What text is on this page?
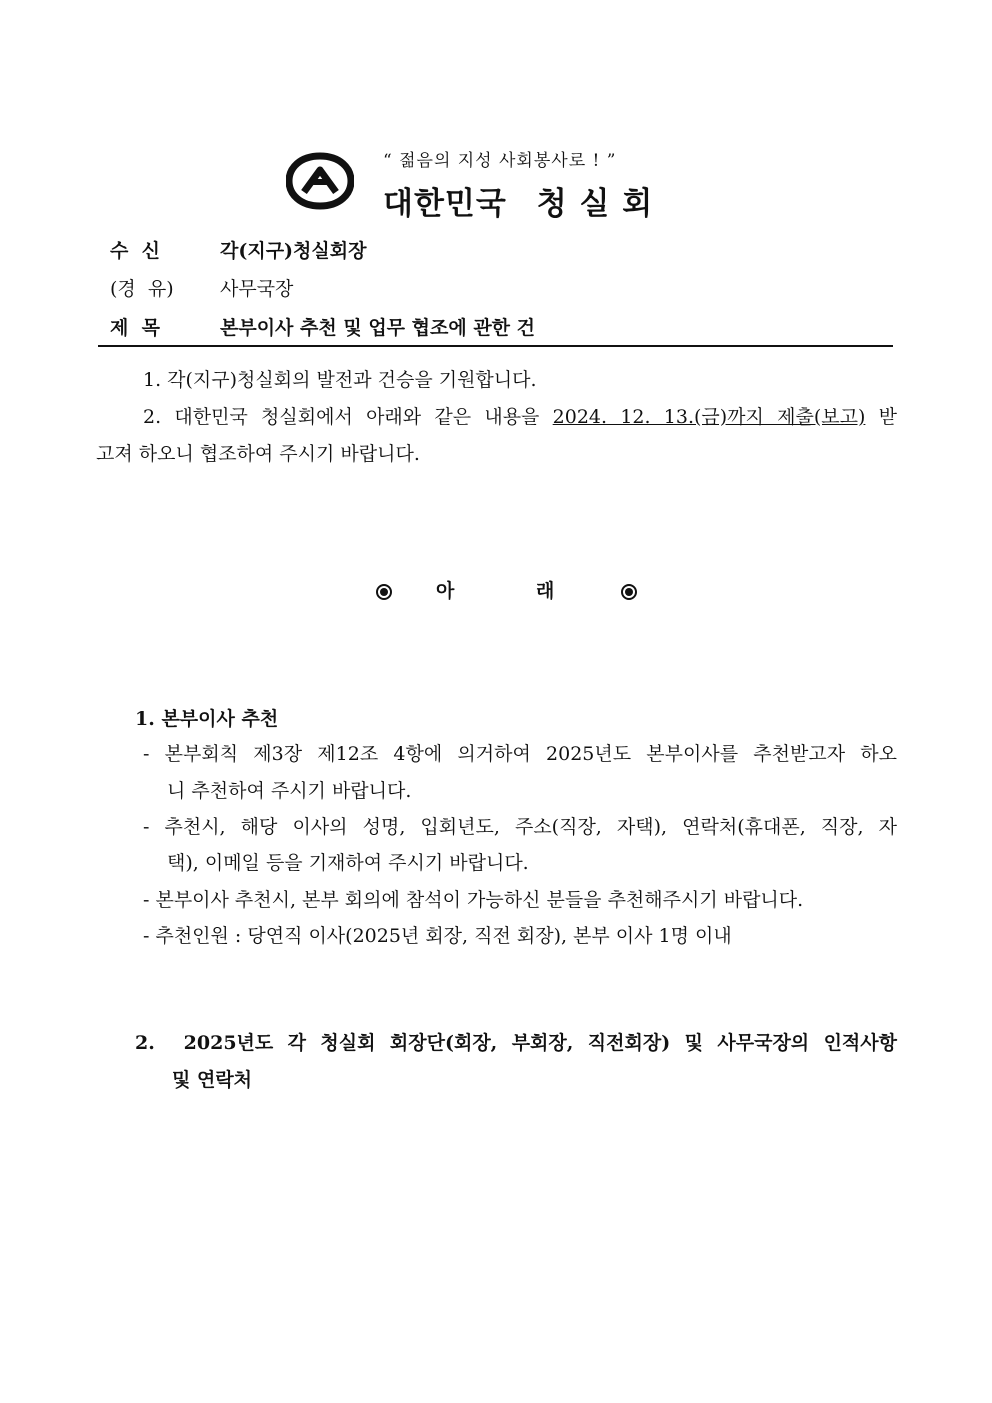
“ 젊음의 지성 사회봉사로 ! ”
대한민국 청 실 회
수  신	각(지구)청실회장
(경  유) 사무국장
제  목	본부이사 추천 및 업무 협조에 관한 건
1. 각(지구)청실회의 발전과 건승을 기원합니다.
2. 대한민국 청실회에서 아래와 같은 내용을 2024. 12. 13.(금)까지 제출(보고) 받
고져 하오니 협조하여 주시기 바랍니다.

아	래
1. 본부이사 추천
- 본부회칙 제3장 제12조 4항에 의거하여 2025년도 본부이사를 추천받고자 하오
니 추천하여 주시기 바랍니다.
- 추천시, 해당 이사의 성명, 입회년도, 주소(직장, 자택), 연락처(휴대폰, 직장, 자
택), 이메일 등을 기재하여 주시기 바랍니다.
- 본부이사 추천시, 본부 회의에 참석이 가능하신 분들을 추천해주시기 바랍니다.
- 추천인원 : 당연직 이사(2025년 회장, 직전 회장), 본부 이사 1명 이내
2.  2025년도 각 청실회 회장단(회장, 부회장, 직전회장) 및 사무국장의 인적사항
및 연락처
